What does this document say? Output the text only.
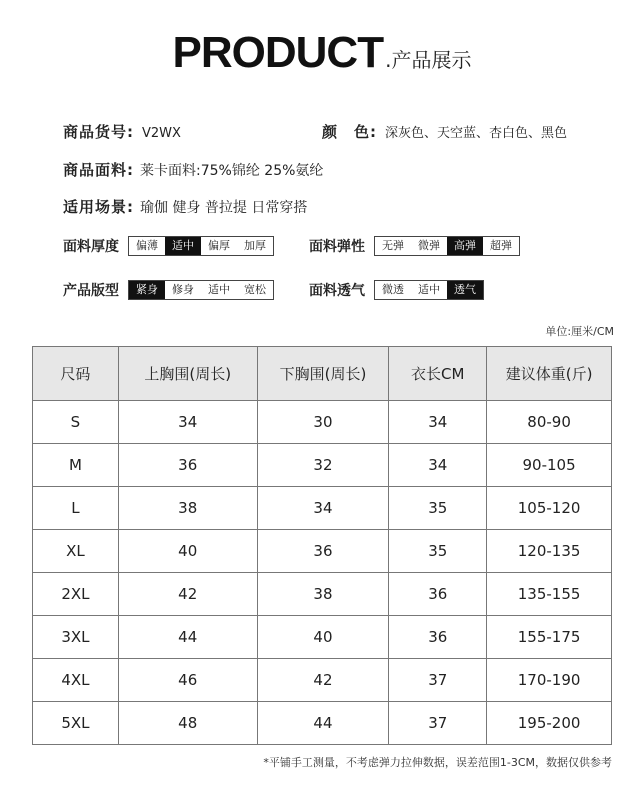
PRODUCT .产品展示
商品货号: V2WX	颜　色: 深灰色、天空蓝、杏白色、黑色
商品面料: 莱卡面料:75%锦纶 25%氨纶
适用场景: 瑜伽 健身 普拉提 日常穿搭
面料厚度	偏薄	适中	偏厚	加厚	面料弹性	无弹	微弹	高弹	超弹
产品版型	紧身	修身	适中	宽松	面料透气	微透	适中	透气
单位:厘米/CM
尺码	上胸围(周长)	下胸围(周长)	衣长CM	建议体重(斤)
S	34	30	34	80-90
M	36	32	34	90-105
L	38	34	35	105-120
XL	40	36	35	120-135
2XL	42	38	36	135-155
3XL	44	40	36	155-175
4XL	46	42	37	170-190
5XL	48	44	37	195-200
*平铺手工测量，不考虑弹力拉伸数据，误差范围1-3CM，数据仅供参考
